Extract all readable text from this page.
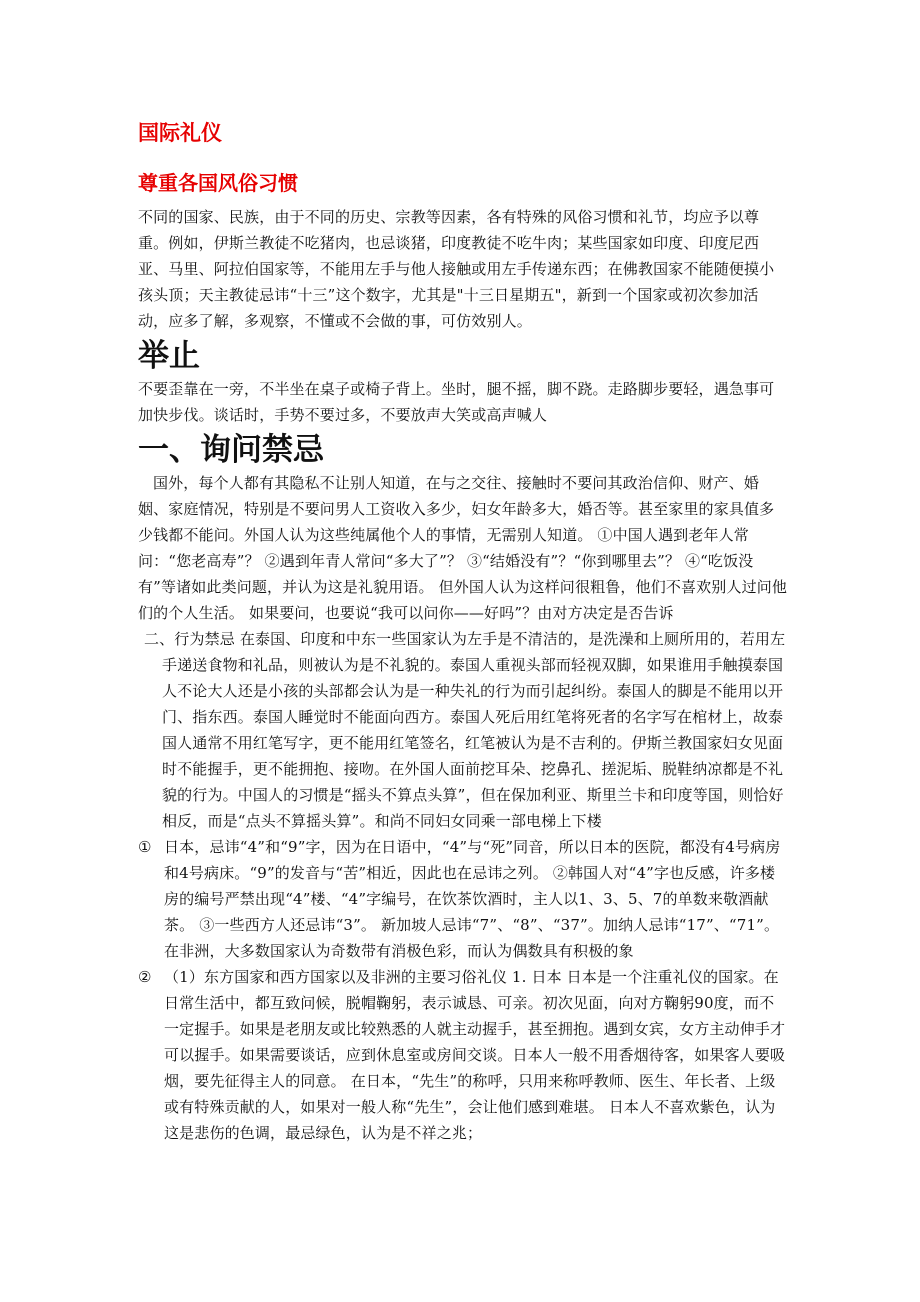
国际礼仪
尊重各国风俗习惯

不同的国家、民族，由于不同的历史、宗教等因素，各有特殊的风俗习惯和礼节，均应予以尊重。例如，伊斯兰教徒不吃猪肉，也忌谈猪，印度教徒不吃牛肉；某些国家如印度、印度尼西亚、马里、阿拉伯国家等，不能用左手与他人接触或用左手传递东西；在佛教国家不能随便摸小孩头顶；天主教徒忌讳“十三”这个数字，尤其是"十三日星期五"，新到一个国家或初次参加活动，应多了解，多观察，不懂或不会做的事，可仿效别人。

举止

不要歪靠在一旁，不半坐在桌子或椅子背上。坐时，腿不摇，脚不跷。走路脚步要轻，遇急事可加快步伐。谈话时，手势不要过多，不要放声大笑或高声喊人

一、询问禁忌

国外，每个人都有其隐私不让别人知道，在与之交往、接触时不要问其政治信仰、财产、婚姻、家庭情况，特别是不要问男人工资收入多少，妇女年龄多大，婚否等。甚至家里的家具值多少钱都不能问。外国人认为这些纯属他个人的事情，无需别人知道。 ①中国人遇到老年人常问：“您老高寿”？ ②遇到年青人常问“多大了”？ ③“结婚没有”？“你到哪里去”？ ④“吃饭没有”等诸如此类问题，并认为这是礼貌用语。 但外国人认为这样问很粗鲁，他们不喜欢别人过问他们的个人生活。 如果要问，也要说“我可以问你——好吗”？由对方决定是否告诉

二、行为禁忌 在泰国、印度和中东一些国家认为左手是不清洁的，是洗澡和上厕所用的，若用左手递送食物和礼品，则被认为是不礼貌的。泰国人重视头部而轻视双脚，如果谁用手触摸泰国人不论大人还是小孩的头部都会认为是一种失礼的行为而引起纠纷。泰国人的脚是不能用以开门、指东西。泰国人睡觉时不能面向西方。泰国人死后用红笔将死者的名字写在棺材上，故泰国人通常不用红笔写字，更不能用红笔签名，红笔被认为是不吉利的。伊斯兰教国家妇女见面时不能握手，更不能拥抱、接吻。在外国人面前挖耳朵、挖鼻孔、搓泥垢、脱鞋纳凉都是不礼貌的行为。中国人的习惯是“摇头不算点头算”，但在保加利亚、斯里兰卡和印度等国，则恰好相反，而是“点头不算摇头算”。和尚不同妇女同乘一部电梯上下楼

① 日本，忌讳“4”和“9”字，因为在日语中，“4”与“死”同音，所以日本的医院，都没有4号病房和4号病床。“9”的发音与“苦”相近，因此也在忌讳之列。 ②韩国人对“4”字也反感，许多楼房的编号严禁出现“4”楼、“4”字编号，在饮茶饮酒时，主人以1、3、5、7的单数来敬酒献茶。 ③一些西方人还忌讳“3”。 新加坡人忌讳“7”、“8”、“37”。加纳人忌讳“17”、“71”。 在非洲，大多数国家认为奇数带有消极色彩，而认为偶数具有积极的象
② （1）东方国家和西方国家以及非洲的主要习俗礼仪 1. 日本 日本是一个注重礼仪的国家。在日常生活中，都互致问候，脱帽鞠躬，表示诚恳、可亲。初次见面，向对方鞠躬90度，而不一定握手。如果是老朋友或比较熟悉的人就主动握手，甚至拥抱。遇到女宾，女方主动伸手才可以握手。如果需要谈话，应到休息室或房间交谈。日本人一般不用香烟待客，如果客人要吸烟，要先征得主人的同意。 在日本，“先生”的称呼，只用来称呼教师、医生、年长者、上级或有特殊贡献的人，如果对一般人称“先生”，会让他们感到难堪。 日本人不喜欢紫色，认为这是悲伤的色调，最忌绿色，认为是不祥之兆；
